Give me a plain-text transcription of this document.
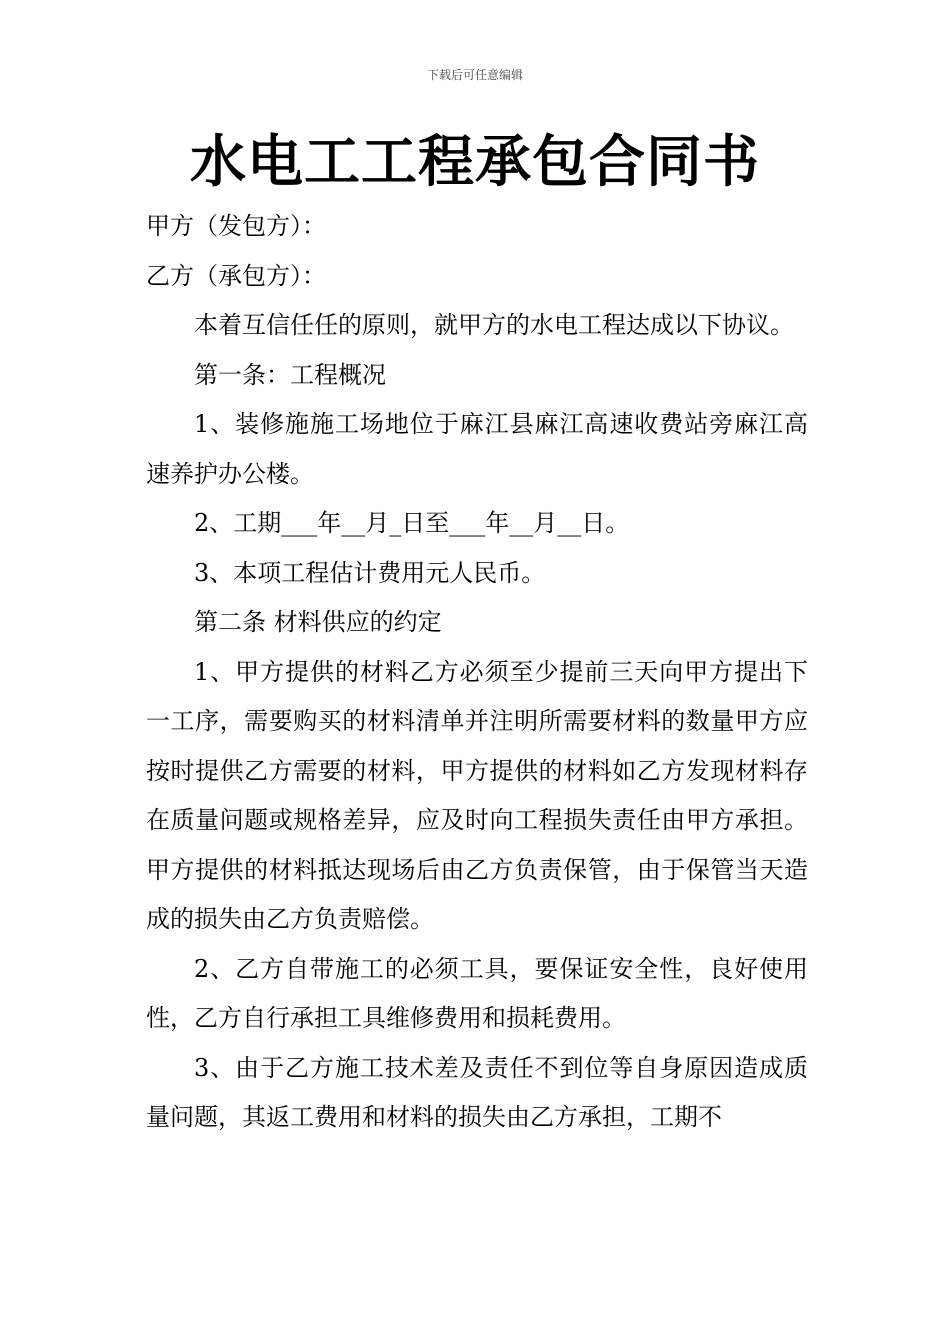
下载后可任意编辑
水电工工程承包合同书

甲方（发包方）：

乙方（承包方）：

本着互信任任的原则，就甲方的水电工程达成以下协议。

第一条：工程概况

1、装修施施工场地位于麻江县麻江高速收费站旁麻江高速养护办公楼。

2、工期___年__月_日至___年__月__日。

3、本项工程估计费用元人民币。

第二条 材料供应的约定

1、甲方提供的材料乙方必须至少提前三天向甲方提出下一工序，需要购买的材料清单并注明所需要材料的数量甲方应按时提供乙方需要的材料，甲方提供的材料如乙方发现材料存在质量问题或规格差异，应及时向工程损失责任由甲方承担。甲方提供的材料抵达现场后由乙方负责保管，由于保管当天造成的损失由乙方负责赔偿。

2、乙方自带施工的必须工具，要保证安全性，良好使用性，乙方自行承担工具维修费用和损耗费用。

3、由于乙方施工技术差及责任不到位等自身原因造成质量问题，其返工费用和材料的损失由乙方承担，工期不
